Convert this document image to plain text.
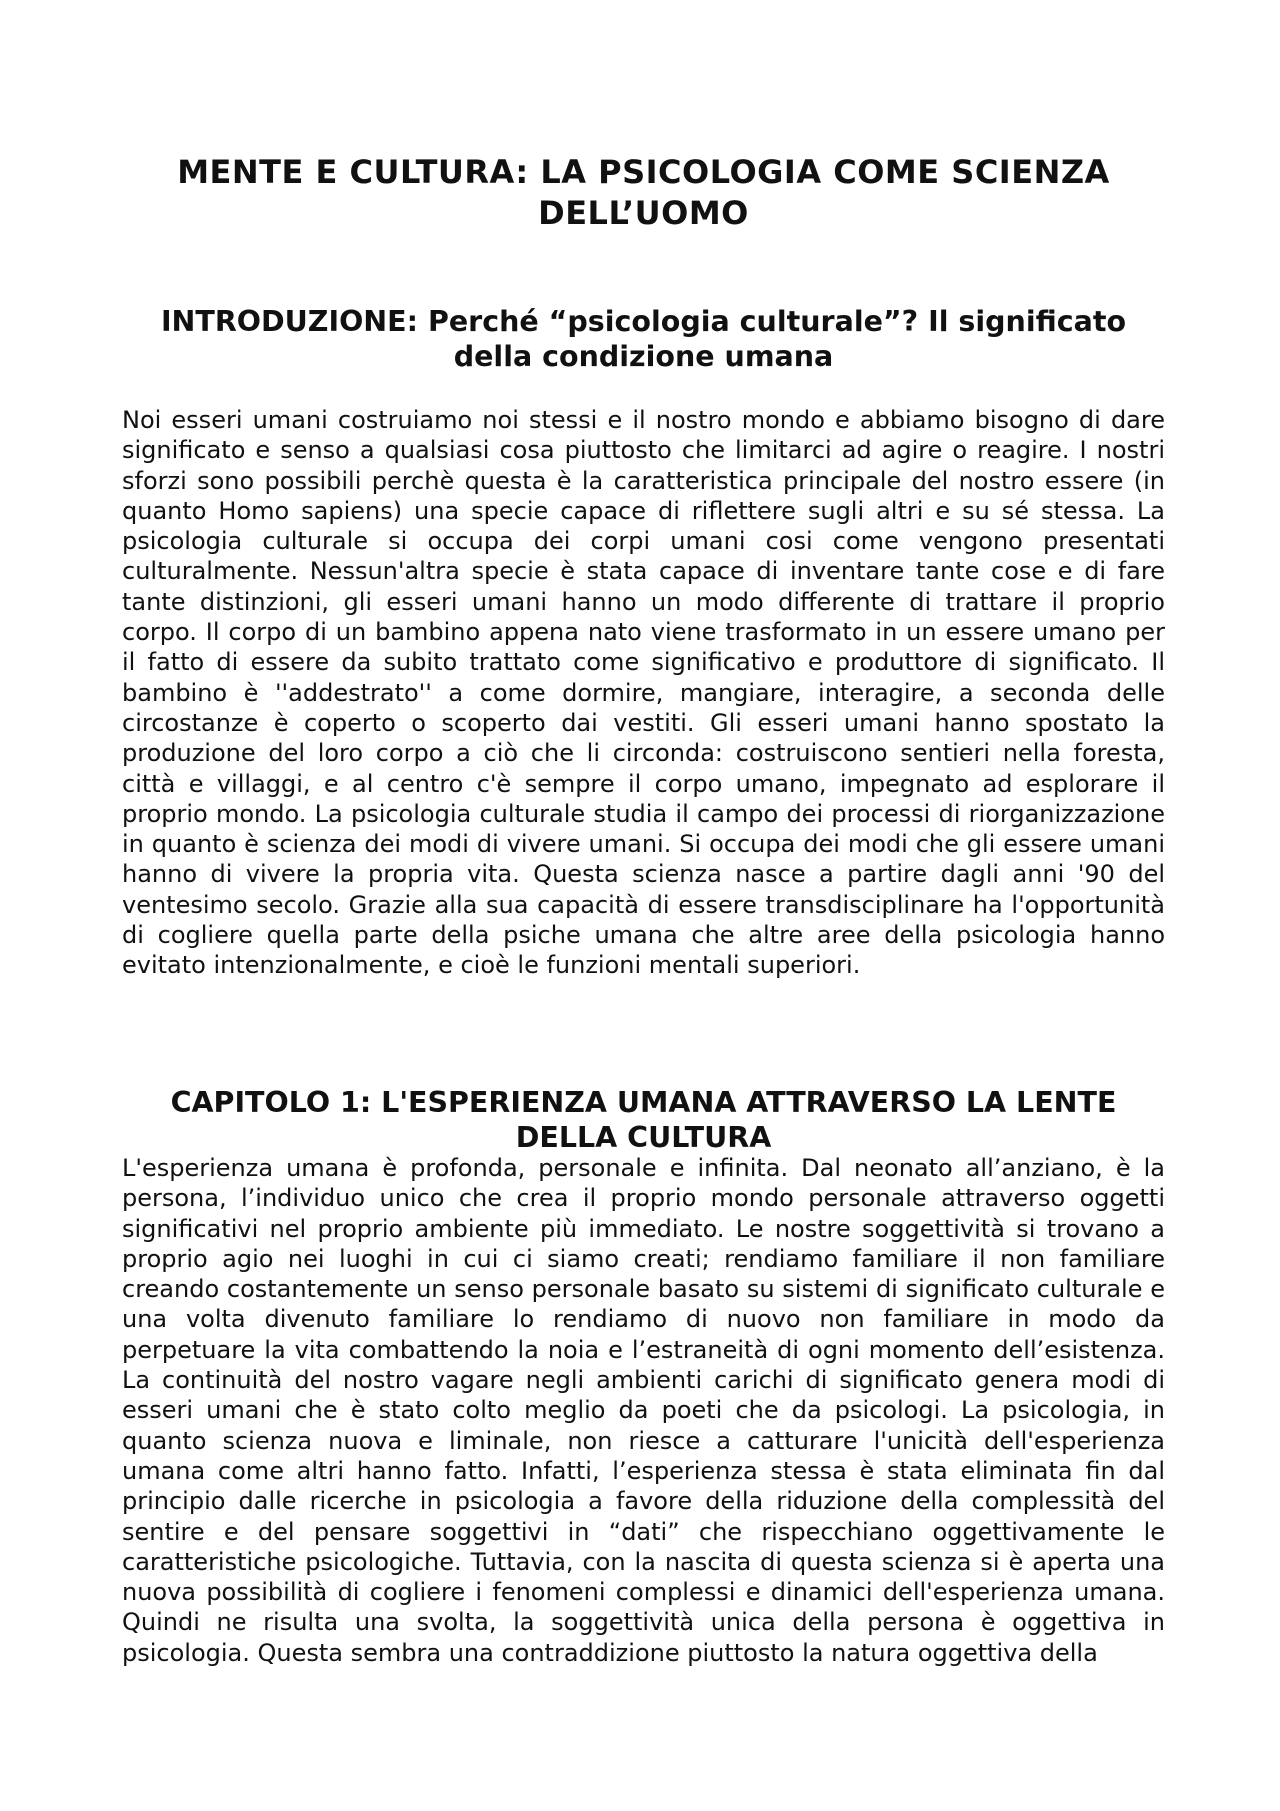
MENTE E CULTURA: LA PSICOLOGIA COME SCIENZA DELL’UOMO
INTRODUZIONE: Perché “psicologia culturale”? Il significato della condizione umana

Noi esseri umani costruiamo noi stessi e il nostro mondo e abbiamo bisogno di dare significato e senso a qualsiasi cosa piuttosto che limitarci ad agire o reagire. I nostri sforzi sono possibili perchè questa è la caratteristica principale del nostro essere (in quanto Homo sapiens) una specie capace di riflettere sugli altri e su sé stessa. La psicologia culturale si occupa dei corpi umani cosi come vengono presentati culturalmente. Nessun'altra specie è stata capace di inventare tante cose e di fare tante distinzioni, gli esseri umani hanno un modo differente di trattare il proprio corpo. Il corpo di un bambino appena nato viene trasformato in un essere umano per il fatto di essere da subito trattato come significativo e produttore di significato. Il bambino è ''addestrato'' a come dormire, mangiare, interagire, a seconda delle circostanze è coperto o scoperto dai vestiti. Gli esseri umani hanno spostato la produzione del loro corpo a ciò che li circonda: costruiscono sentieri nella foresta, città e villaggi, e al centro c'è sempre il corpo umano, impegnato ad esplorare il proprio mondo. La psicologia culturale studia il campo dei processi di riorganizzazione in quanto è scienza dei modi di vivere umani. Si occupa dei modi che gli essere umani hanno di vivere la propria vita. Questa scienza nasce a partire dagli anni '90 del ventesimo secolo. Grazie alla sua capacità di essere transdisciplinare ha l'opportunità di cogliere quella parte della psiche umana che altre aree della psicologia hanno evitato intenzionalmente, e cioè le funzioni mentali superiori.

CAPITOLO 1: L'ESPERIENZA UMANA ATTRAVERSO LA LENTE DELLA CULTURA

L'esperienza umana è profonda, personale e infinita. Dal neonato all’anziano, è la persona, l’individuo unico che crea il proprio mondo personale attraverso oggetti significativi nel proprio ambiente più immediato. Le nostre soggettività si trovano a proprio agio nei luoghi in cui ci siamo creati; rendiamo familiare il non familiare creando costantemente un senso personale basato su sistemi di significato culturale e una volta divenuto familiare lo rendiamo di nuovo non familiare in modo da perpetuare la vita combattendo la noia e l’estraneità di ogni momento dell’esistenza. La continuità del nostro vagare negli ambienti carichi di significato genera modi di esseri umani che è stato colto meglio da poeti che da psicologi. La psicologia, in quanto scienza nuova e liminale, non riesce a catturare l'unicità dell'esperienza umana come altri hanno fatto. Infatti, l’esperienza stessa è stata eliminata fin dal principio dalle ricerche in psicologia a favore della riduzione della complessità del sentire e del pensare soggettivi in “dati” che rispecchiano oggettivamente le caratteristiche psicologiche. Tuttavia, con la nascita di questa scienza si è aperta una nuova possibilità di cogliere i fenomeni complessi e dinamici dell'esperienza umana. Quindi ne risulta una svolta, la soggettività unica della persona è oggettiva in psicologia. Questa sembra una contraddizione piuttosto la natura oggettiva della
